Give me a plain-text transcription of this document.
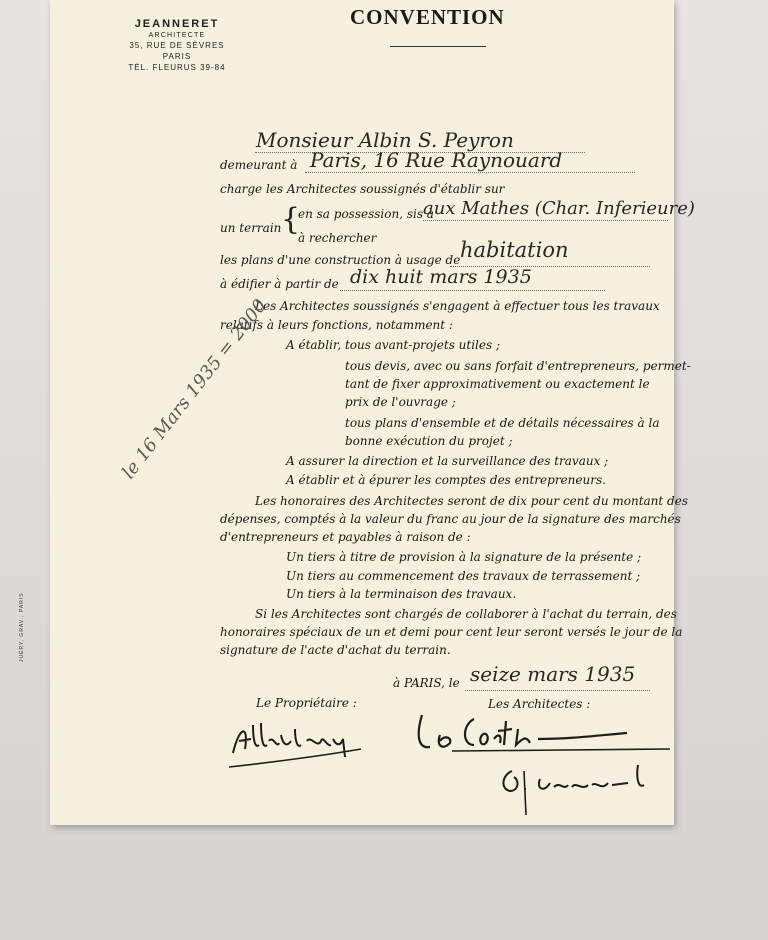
JEANNERET
ARCHITECTE
35, RUE DE SÈVRES
PARIS
TÉL. FLEURUS 39-84
CONVENTION
Monsieur Albin S. Peyron
demeurant à Paris, 16 Rue Raynouard
charge les Architectes soussignés d'établir sur
un terrain {
en sa possession, sis à
aux Mathes (Char. Inferieure)
à rechercher
les plans d'une construction à usage de habitation
à édifier à partir de dix huit mars 1935
Les Architectes soussignés s'engagent à effectuer tous les travaux
relatifs à leurs fonctions, notamment :
A établir, tous avant-projets utiles ;
tous devis, avec ou sans forfait d'entrepreneurs, permet-
tant de fixer approximativement ou exactement le
prix de l'ouvrage ;
tous plans d'ensemble et de détails nécessaires à la
bonne exécution du projet ;
A assurer la direction et la surveillance des travaux ;
A établir et à épurer les comptes des entrepreneurs.
Les honoraires des Architectes seront de dix pour cent du montant des
dépenses, comptés à la valeur du franc au jour de la signature des marchés
d'entrepreneurs et payables à raison de :
Un tiers à titre de provision à la signature de la présente ;
Un tiers au commencement des travaux de terrassement ;
Un tiers à la terminaison des travaux.
Si les Architectes sont chargés de collaborer à l'achat du terrain, des
honoraires spéciaux de un et demi pour cent leur seront versés le jour de la
signature de l'acte d'achat du terrain.
à PARIS, le seize mars 1935
Le Propriétaire :	Les Architectes :
le 16 Mars 1935 = 2000
JUÉRY, GRAV., PARIS
